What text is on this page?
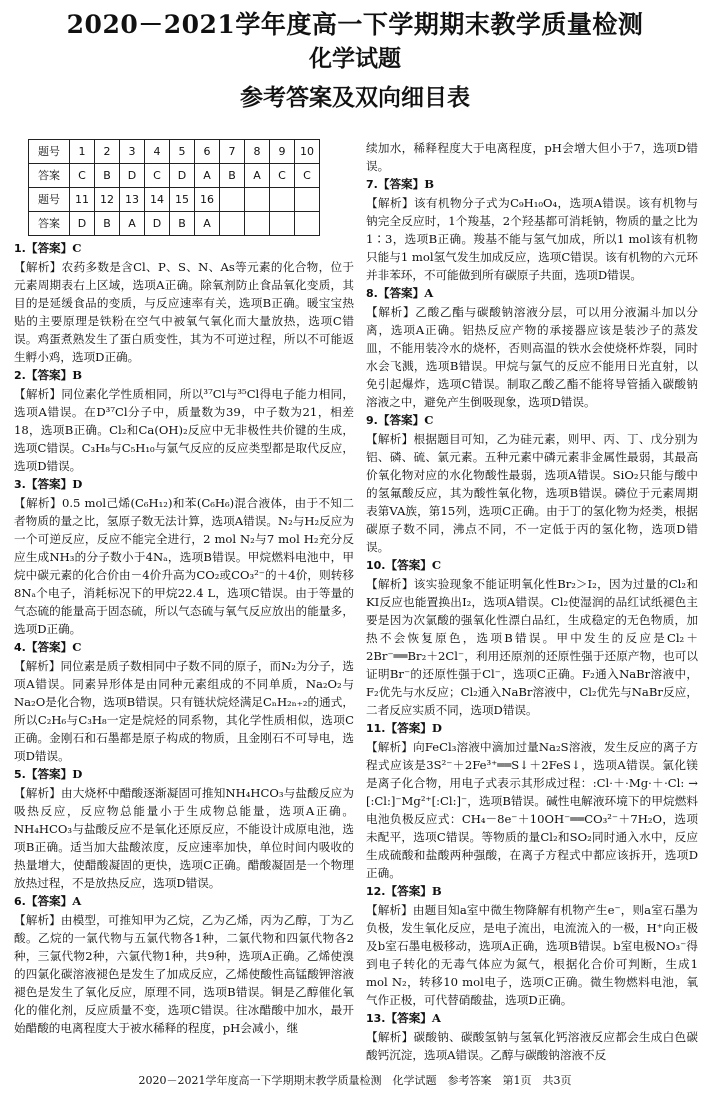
2020－2021学年度高一下学期期末教学质量检测
化学试题
参考答案及双向细目表
题号	1	2	3	4	5	6	7	8	9	10
答案	C	B	D	C	D	A	B	A	C	C
题号	11	12	13	14	15	16				
答案	D	B	A	D	B	A				
1.【答案】C
【解析】农药多数是含Cl、P、S、N、As等元素的化合物，位于元素周期表右上区域，选项A正确。除氧剂防止食品氧化变质，其目的是延缓食品的变质，与反应速率有关，选项B正确。暖宝宝热贴的主要原理是铁粉在空气中被氧气氧化而大量放热，选项C错误。鸡蛋煮熟发生了蛋白质变性，其为不可逆过程，所以不可能返生孵小鸡，选项D正确。
2.【答案】B
【解析】同位素化学性质相同，所以³⁷Cl与³⁵Cl得电子能力相同，选项A错误。在D³⁷Cl分子中，质量数为39，中子数为21，相差18，选项B正确。Cl₂和Ca(OH)₂反应中无非极性共价键的生成，选项C错误。C₃H₈与C₅H₁₀与氯气反应的反应类型都是取代反应，选项D错误。
3.【答案】D
【解析】0.5 mol己烯(C₆H₁₂)和苯(C₆H₆)混合液体，由于不知二者物质的量之比，氢原子数无法计算，选项A错误。N₂与H₂反应为一个可逆反应，反应不能完全进行，2 mol N₂与7 mol H₂充分反应生成NH₃的分子数小于4Nₐ，选项B错误。甲烷燃料电池中，甲烷中碳元素的化合价由－4价升高为CO₂或CO₃²⁻的＋4价，则转移8Nₐ个电子，消耗标况下的甲烷22.4 L，选项C错误。由于等量的气态硫的能量高于固态硫，所以气态硫与氧气反应放出的能量多，选项D正确。
4.【答案】C
【解析】同位素是质子数相同中子数不同的原子，而N₂为分子，选项A错误。同素异形体是由同种元素组成的不同单质，Na₂O₂与Na₂O是化合物，选项B错误。只有链状烷烃满足CₙH₂ₙ₊₂的通式，所以C₂H₆与C₃H₈一定是烷烃的同系物，其化学性质相似，选项C正确。金刚石和石墨都是原子构成的物质，且金刚石不可导电，选项D错误。
5.【答案】D
【解析】由大烧杯中醋酸逐渐凝固可推知NH₄HCO₃与盐酸反应为吸热反应，反应物总能量小于生成物总能量，选项A正确。NH₄HCO₃与盐酸反应不是氧化还原反应，不能设计成原电池，选项B正确。适当加大盐酸浓度，反应速率加快，单位时间内吸收的热量增大，使醋酸凝固的更快，选项C正确。醋酸凝固是一个物理放热过程，不是放热反应，选项D错误。
6.【答案】A
【解析】由模型，可推知甲为乙烷，乙为乙烯，丙为乙醇，丁为乙酸。乙烷的一氯代物与五氯代物各1种，二氯代物和四氯代物各2种，三氯代物2种，六氯代物1种，共9种，选项A正确。乙烯使溴的四氯化碳溶液褪色是发生了加成反应，乙烯使酸性高锰酸钾溶液褪色是发生了氧化反应，原理不同，选项B错误。铜是乙醇催化氧化的催化剂，反应质量不变，选项C错误。往冰醋酸中加水，最开始醋酸的电离程度大于被水稀释的程度，pH会减小，继
续加水，稀释程度大于电离程度，pH会增大但小于7，选项D错误。
7.【答案】B
【解析】该有机物分子式为C₉H₁₀O₄，选项A错误。该有机物与钠完全反应时，1个羧基，2个羟基都可消耗钠，物质的量之比为1∶3，选项B正确。羧基不能与氢气加成，所以1 mol该有机物只能与1 mol氢气发生加成反应，选项C错误。该有机物的六元环并非苯环，不可能做到所有碳原子共面，选项D错误。
8.【答案】A
【解析】乙酸乙酯与碳酸钠溶液分层，可以用分液漏斗加以分离，选项A正确。铝热反应产物的承接器应该是装沙子的蒸发皿，不能用装冷水的烧杯，否则高温的铁水会使烧杯炸裂，同时水会飞溅，选项B错误。甲烷与氯气的反应不能用日光直射，以免引起爆炸，选项C错误。制取乙酸乙酯不能将导管插入碳酸钠溶液之中，避免产生倒吸现象，选项D错误。
9.【答案】C
【解析】根据题目可知，乙为硅元素，则甲、丙、丁、戊分别为铝、磷、硫、氯元素。五种元素中磷元素非金属性最弱，其最高价氧化物对应的水化物酸性最弱，选项A错误。SiO₂只能与酸中的氢氟酸反应，其为酸性氧化物，选项B错误。磷位于元素周期表第VA族，第15列，选项C正确。由于丁的氢化物为烃类，根据碳原子数不同，沸点不同，不一定低于丙的氢化物，选项D错误。
10.【答案】C
【解析】该实验现象不能证明氧化性Br₂＞I₂，因为过量的Cl₂和KI反应也能置换出I₂，选项A错误。Cl₂使湿润的品红试纸褪色主要是因为次氯酸的强氧化性漂白品红，生成稳定的无色物质，加热不会恢复原色，选项B错误。甲中发生的反应是Cl₂＋2Br⁻══Br₂＋2Cl⁻，利用还原剂的还原性强于还原产物，也可以证明Br⁻的还原性强于Cl⁻，选项C正确。F₂通入NaBr溶液中，F₂优先与水反应；Cl₂通入NaBr溶液中，Cl₂优先与NaBr反应，二者反应实质不同，选项D错误。
11.【答案】D
【解析】向FeCl₃溶液中滴加过量Na₂S溶液，发生反应的离子方程式应该是3S²⁻＋2Fe³⁺══S↓＋2FeS↓，选项A错误。氯化镁是离子化合物，用电子式表示其形成过程：:Cl·＋·Mg·＋·Cl: → [:Cl:]⁻Mg²⁺[:Cl:]⁻，选项B错误。碱性电解液环境下的甲烷燃料电池负极反应式：CH₄－8e⁻＋10OH⁻══CO₃²⁻＋7H₂O，选项未配平，选项C错误。等物质的量Cl₂和SO₂同时通入水中，反应生成硫酸和盐酸两种强酸，在离子方程式中都应该拆开，选项D正确。
12.【答案】B
【解析】由题目知a室中微生物降解有机物产生e⁻，则a室石墨为负极，发生氧化反应，是电子流出，电流流入的一极，H⁺向正极及b室石墨电极移动，选项A正确，选项B错误。b室电极NO₃⁻得到电子转化的无毒气体应为氮气，根据化合价可判断，生成1 mol N₂，转移10 mol电子，选项C正确。微生物燃料电池，氧气作正极，可代替硝酸盐，选项D正确。
13.【答案】A
【解析】碳酸钠、碳酸氢钠与氢氧化钙溶液反应都会生成白色碳酸钙沉淀，选项A错误。乙醇与碳酸钠溶液不反
2020－2021学年度高一下学期期末教学质量检测　化学试题　参考答案　第1页　共3页
